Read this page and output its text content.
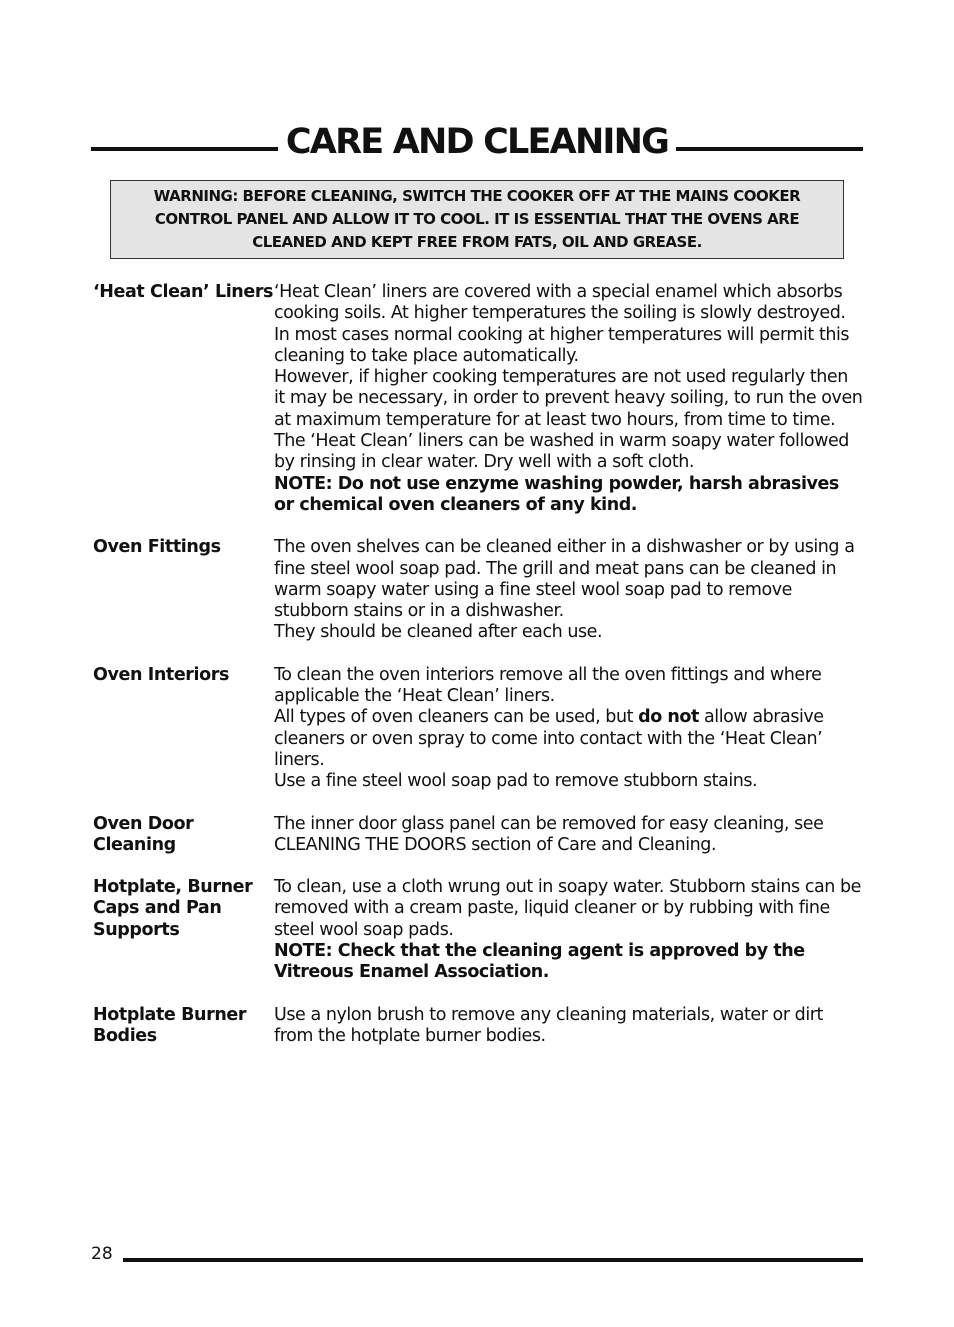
CARE AND CLEANING
WARNING: BEFORE CLEANING, SWITCH THE COOKER OFF AT THE MAINS COOKER CONTROL PANEL AND ALLOW IT TO COOL. IT IS ESSENTIAL THAT THE OVENS ARE CLEANED AND KEPT FREE FROM FATS, OIL AND GREASE.
‘Heat Clean’ Liners ‘Heat Clean’ liners are covered with a special enamel which absorbs cooking soils. At higher temperatures the soiling is slowly destroyed.

In most cases normal cooking at higher temperatures will permit this cleaning to take place automatically.

However, if higher cooking temperatures are not used regularly then it may be necessary, in order to prevent heavy soiling, to run the oven at maximum temperature for at least two hours, from time to time.

The ‘Heat Clean’ liners can be washed in warm soapy water followed by rinsing in clear water. Dry well with a soft cloth.

NOTE: Do not use enzyme washing powder, harsh abrasives or chemical oven cleaners of any kind.

Oven Fittings	The oven shelves can be cleaned either in a dishwasher or by using a fine steel wool soap pad. The grill and meat pans can be cleaned in warm soapy water using a fine steel wool soap pad to remove stubborn stains or in a dishwasher.

They should be cleaned after each use.

Oven Interiors	To clean the oven interiors remove all the oven fittings and where applicable the ‘Heat Clean’ liners.

All types of oven cleaners can be used, but do not allow abrasive cleaners or oven spray to come into contact with the ‘Heat Clean’ liners.

Use a fine steel wool soap pad to remove stubborn stains.

Oven Door Cleaning

The inner door glass panel can be removed for easy cleaning, see CLEANING THE DOORS section of Care and Cleaning.

Hotplate, Burner Caps and Pan Supports

To clean, use a cloth wrung out in soapy water. Stubborn stains can be removed with a cream paste, liquid cleaner or by rubbing with fine steel wool soap pads.

NOTE: Check that the cleaning agent is approved by the Vitreous Enamel Association.

Hotplate Burner Bodies

Use a nylon brush to remove any cleaning materials, water or dirt from the hotplate burner bodies.

28
